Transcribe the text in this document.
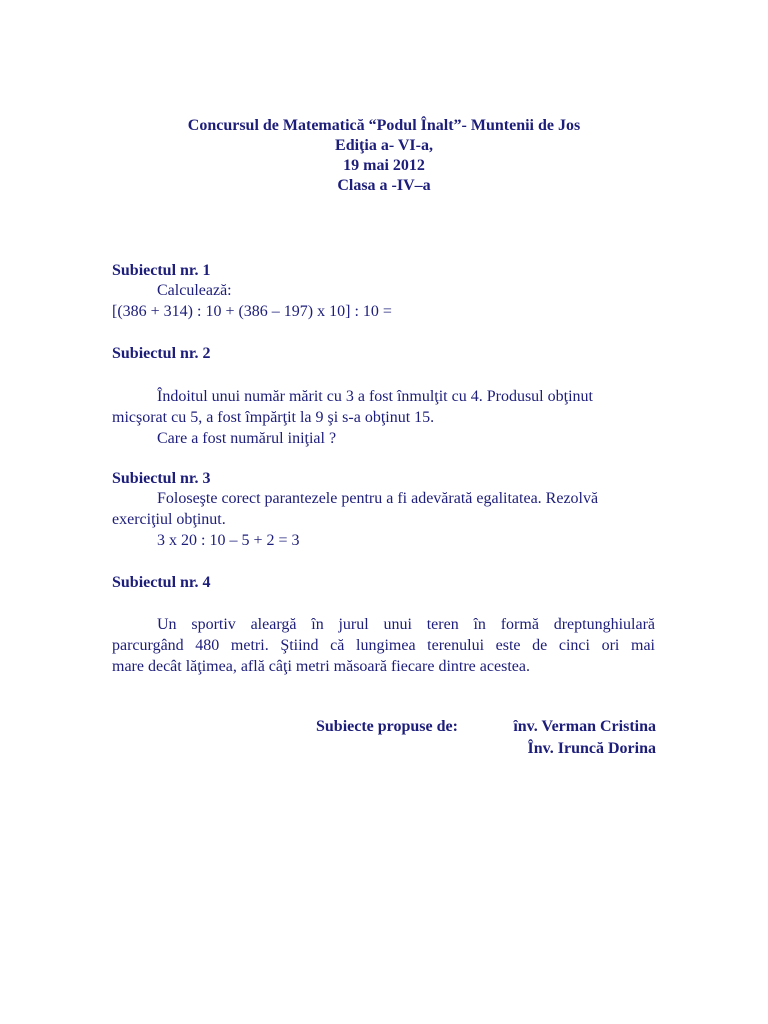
Concursul de Matematică “Podul Înalt”- Muntenii de Jos
Ediţia a- VI-a,
19 mai 2012
Clasa a -IV–a
Subiectul nr. 1
Calculează:
[(386 + 314) : 10 + (386 – 197) x 10] : 10 =
Subiectul nr. 2
Îndoitul unui număr mărit cu 3 a fost înmulţit cu 4. Produsul obţinut
micşorat cu 5, a fost împărţit la 9 şi s-a obţinut 15.
Care a fost numărul iniţial ?
Subiectul nr. 3
Foloseşte corect parantezele pentru a fi adevărată egalitatea. Rezolvă
exerciţiul obţinut.
3 x 20 : 10 – 5 + 2 = 3
Subiectul nr. 4
Un sportiv aleargă în jurul unui teren în formă dreptunghiulară
parcurgând 480 metri. Ştiind că lungimea terenului este de cinci ori mai
mare decât lăţimea, află câţi metri măsoară fiecare dintre acestea.
Subiecte propuse de:	înv. Verman Cristina
Înv. Iruncă Dorina
